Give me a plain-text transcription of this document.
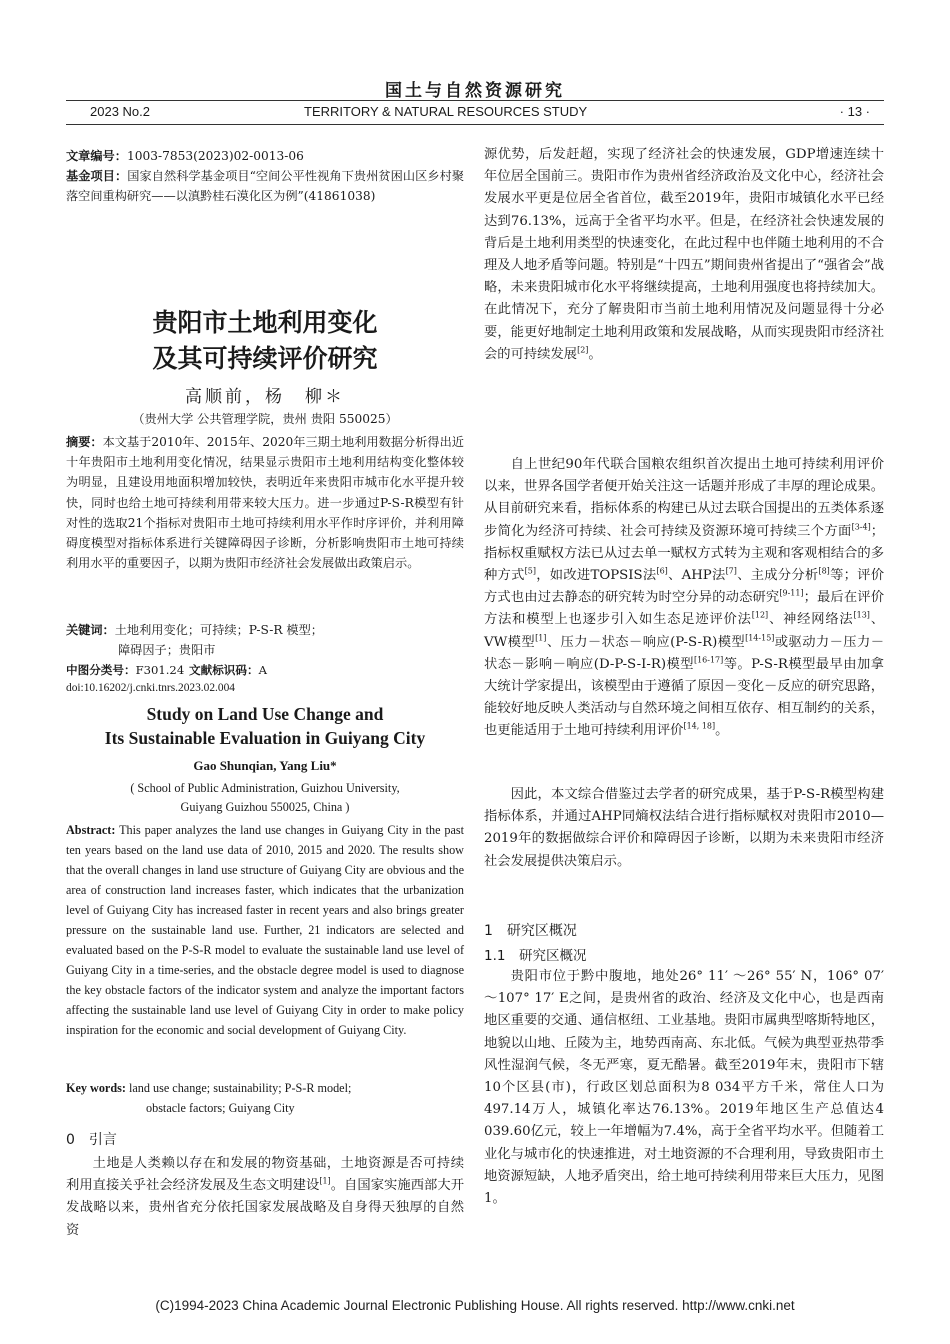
国土与自然资源研究
2023 No.2	TERRITORY & NATURAL RESOURCES STUDY	· 13 ·
文章编号：1003-7853(2023)02-0013-06
基金项目：国家自然科学基金项目“空间公平性视角下贵州贫困山区乡村聚落空间重构研究——以滇黔桂石漠化区为例”(41861038)
贵阳市土地利用变化
及其可持续评价研究
高顺前，杨　柳＊
（贵州大学 公共管理学院，贵州 贵阳 550025）
摘要：本文基于2010年、2015年、2020年三期土地利用数据分析得出近十年贵阳市土地利用变化情况，结果显示贵阳市土地利用结构变化整体较为明显，且建设用地面积增加较快，表明近年来贵阳市城市化水平提升较快，同时也给土地可持续利用带来较大压力。进一步通过P-S-R模型有针对性的选取21个指标对贵阳市土地可持续利用水平作时序评价，并利用障碍度模型对指标体系进行关键障碍因子诊断，分析影响贵阳市土地可持续利用水平的重要因子，以期为贵阳市经济社会发展做出政策启示。
关键词：土地利用变化；可持续；P-S-R 模型；
障碍因子；贵阳市
中图分类号：F301.24 文献标识码：A
doi:10.16202/j.cnki.tnrs.2023.02.004
Study on Land Use Change and
Its Sustainable Evaluation in Guiyang City
Gao Shunqian, Yang Liu*
( School of Public Administration, Guizhou University,
Guiyang Guizhou 550025, China )
Abstract: This paper analyzes the land use changes in Guiyang City in the past ten years based on the land use data of 2010, 2015 and 2020. The results show that the overall changes in land use structure of Guiyang City are obvious and the area of construction land increases faster, which indicates that the urbanization level of Guiyang City has increased faster in recent years and also brings greater pressure on the sustainable land use. Further, 21 indicators are selected and evaluated based on the P-S-R model to evaluate the sustainable land use level of Guiyang City in a time-series, and the obstacle degree model is used to diagnose the key obstacle factors of the indicator system and analyze the important factors affecting the sustainable land use level of Guiyang City in order to make policy inspiration for the economic and social development of Guiyang City.
Key words: land use change; sustainability; P-S-R model;
obstacle factors; Guiyang City
0　引言

土地是人类赖以存在和发展的物资基础，土地资源是否可持续利用直接关乎社会经济发展及生态文明建设[1]。自国家实施西部大开发战略以来，贵州省充分依托国家发展战略及自身得天独厚的自然资

源优势，后发赶超，实现了经济社会的快速发展，GDP增速连续十年位居全国前三。贵阳市作为贵州省经济政治及文化中心，经济社会发展水平更是位居全省首位，截至2019年，贵阳市城镇化水平已经达到76.13%，远高于全省平均水平。但是，在经济社会快速发展的背后是土地利用类型的快速变化，在此过程中也伴随土地利用的不合理及人地矛盾等问题。特别是“十四五”期间贵州省提出了“强省会”战略，未来贵阳城市化水平将继续提高，土地利用强度也将持续加大。在此情况下，充分了解贵阳市当前土地利用情况及问题显得十分必要，能更好地制定土地利用政策和发展战略，从而实现贵阳市经济社会的可持续发展[2]。

自上世纪90年代联合国粮农组织首次提出土地可持续利用评价以来，世界各国学者便开始关注这一话题并形成了丰厚的理论成果。从目前研究来看，指标体系的构建已从过去联合国提出的五类体系逐步简化为经济可持续、社会可持续及资源环境可持续三个方面[3-4]；指标权重赋权方法已从过去单一赋权方式转为主观和客观相结合的多种方式[5]，如改进TOPSIS法[6]、AHP法[7]、主成分分析[8]等；评价方式也由过去静态的研究转为时空分异的动态研究[9-11]；最后在评价方法和模型上也逐步引入如生态足迹评价法[12]、神经网络法[13]、VW模型[1]、压力－状态－响应(P-S-R)模型[14-15]或驱动力－压力－状态－影响－响应(D-P-S-I-R)模型[16-17]等。P-S-R模型最早由加拿大统计学家提出，该模型由于遵循了原因－变化－反应的研究思路，能较好地反映人类活动与自然环境之间相互依存、相互制约的关系，也更能适用于土地可持续利用评价[14, 18]。

因此，本文综合借鉴过去学者的研究成果，基于P-S-R模型构建指标体系，并通过AHP同熵权法结合进行指标赋权对贵阳市2010—2019年的数据做综合评价和障碍因子诊断，以期为未来贵阳市经济社会发展提供决策启示。

1　研究区概况
1.1　研究区概况

贵阳市位于黔中腹地，地处26° 11′ ～26° 55′ N，106° 07′ ～107° 17′ E之间，是贵州省的政治、经济及文化中心，也是西南地区重要的交通、通信枢纽、工业基地。贵阳市属典型喀斯特地区，地貌以山地、丘陵为主，地势西南高、东北低。气候为典型亚热带季风性湿润气候，冬无严寒，夏无酷暑。截至2019年末，贵阳市下辖10个区县(市)，行政区划总面积为8 034平方千米，常住人口为497.14万人，城镇化率达76.13%。2019年地区生产总值达4 039.60亿元，较上一年增幅为7.4%，高于全省平均水平。但随着工业化与城市化的快速推进，对土地资源的不合理利用，导致贵阳市土地资源短缺，人地矛盾突出，给土地可持续利用带来巨大压力，见图1。

(C)1994-2023 China Academic Journal Electronic Publishing House. All rights reserved. http://www.cnki.net
